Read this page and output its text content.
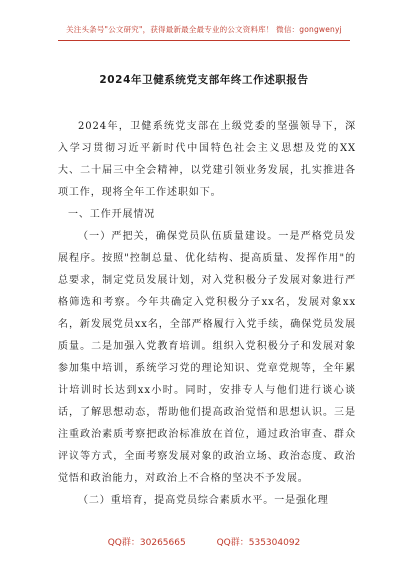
关注头条号"公文研究"，获得最新最全最专业的公文资料库！ 微信：gongwenyj
2024年卫健系统党支部年终工作述职报告

2024年，卫健系统党支部在上级党委的坚强领导下，深入学习贯彻习近平新时代中国特色社会主义思想及党的XX大、二十届三中全会精神，以党建引领业务发展，扎实推进各项工作，现将全年工作述职如下。

一、工作开展情况

（一）严把关，确保党员队伍质量建设。一是严格党员发展程序。按照"控制总量、优化结构、提高质量、发挥作用"的总要求，制定党员发展计划，对入党积极分子发展对象进行严格筛选和考察。今年共确定入党积极分子xx名，发展对象xx名，新发展党员xx名，全部严格履行入党手续，确保党员发展质量。二是加强入党教育培训。组织入党积极分子和发展对象参加集中培训，系统学习党的理论知识、党章党规等，全年累计培训时长达到xx小时。同时，安排专人与他们进行谈心谈话，了解思想动态，帮助他们提高政治觉悟和思想认识。三是注重政治素质考察把政治标准放在首位，通过政治审查、群众评议等方式，全面考察发展对象的政治立场、政治态度、政治觉悟和政治能力，对政治上不合格的坚决不予发展。

（二）重培育，提高党员综合素质水平。一是强化理

QQ群：30265665	QQ群：535304092
